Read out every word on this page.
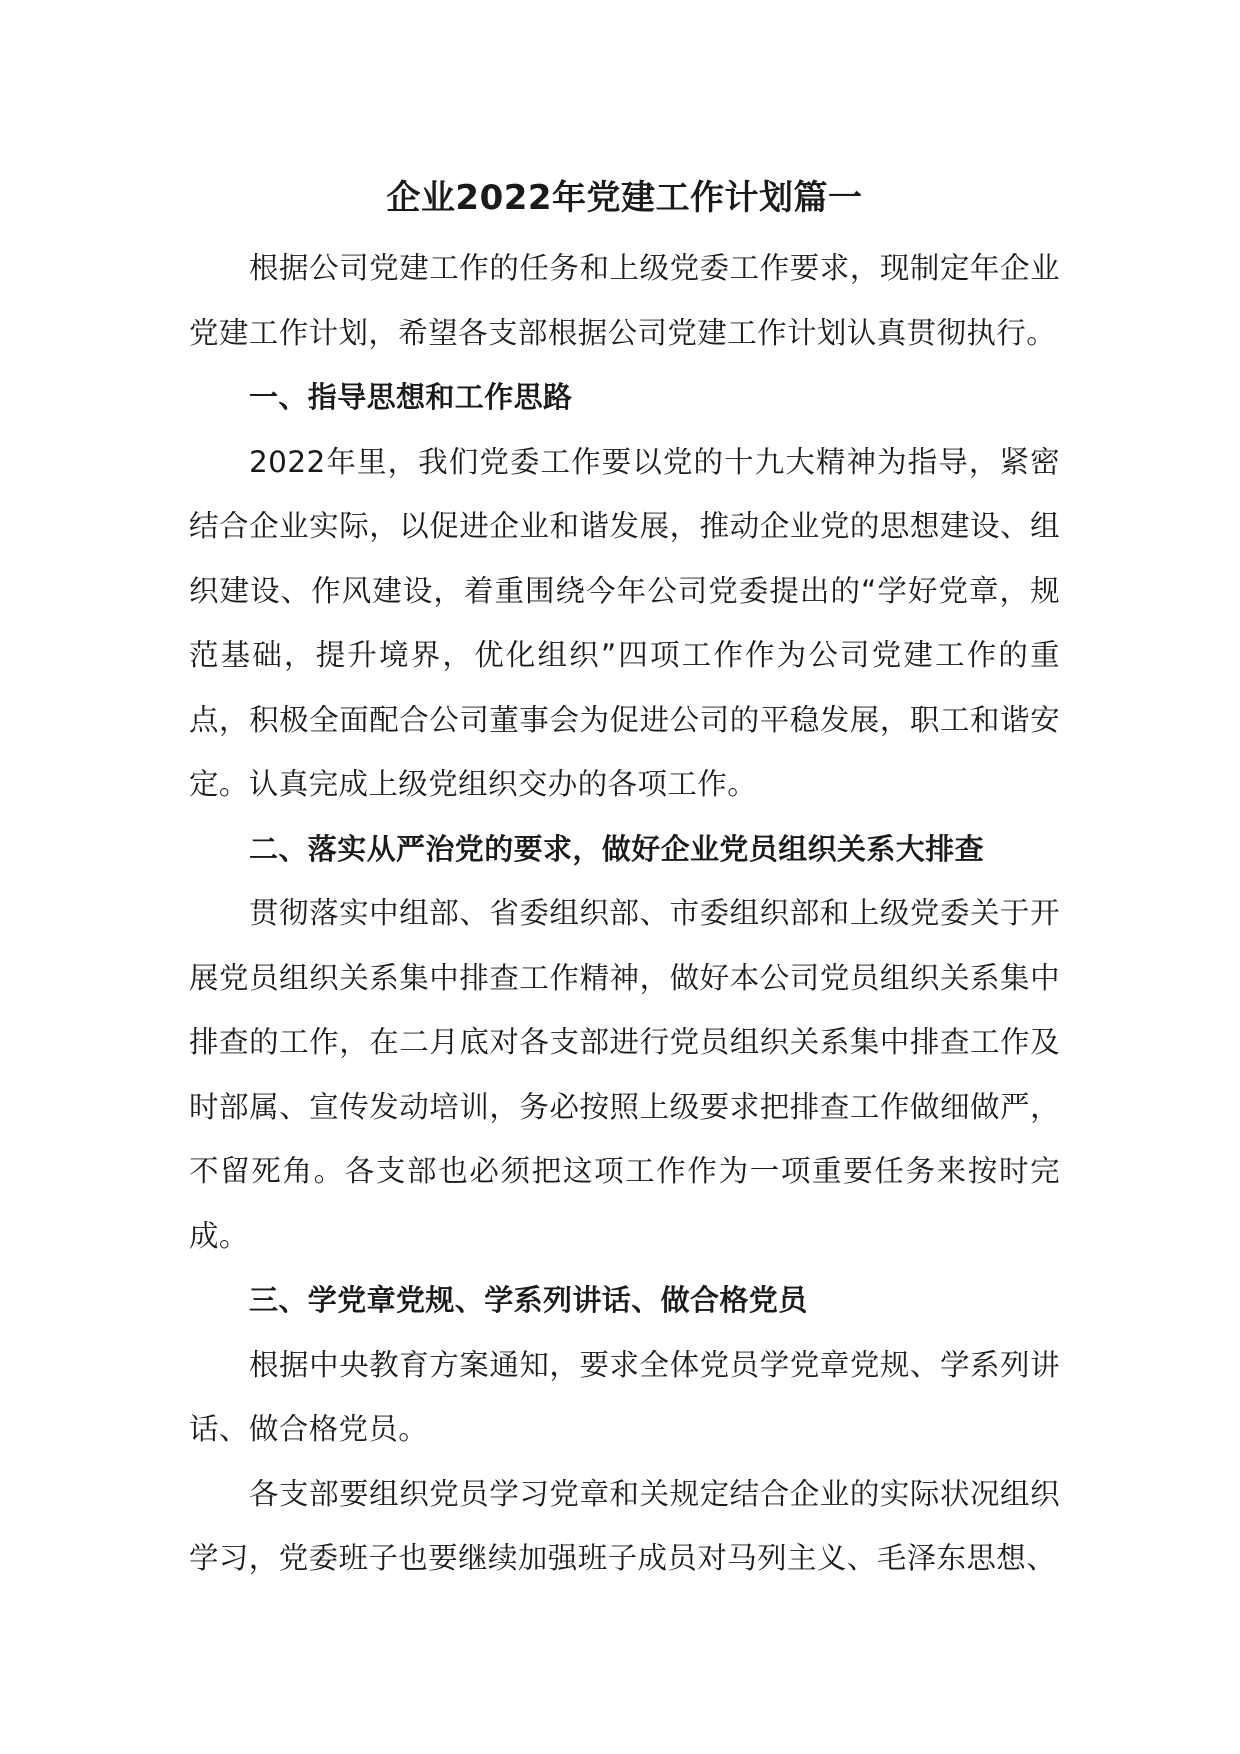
企业2022年党建工作计划篇一

根据公司党建工作的任务和上级党委工作要求，现制定年企业党建工作计划，希望各支部根据公司党建工作计划认真贯彻执行。

一、指导思想和工作思路

2022年里，我们党委工作要以党的十九大精神为指导，紧密结合企业实际，以促进企业和谐发展，推动企业党的思想建设、组织建设、作风建设，着重围绕今年公司党委提出的“学好党章，规范基础，提升境界，优化组织”四项工作作为公司党建工作的重点，积极全面配合公司董事会为促进公司的平稳发展，职工和谐安定。认真完成上级党组织交办的各项工作。

二、落实从严治党的要求，做好企业党员组织关系大排查

贯彻落实中组部、省委组织部、市委组织部和上级党委关于开展党员组织关系集中排查工作精神，做好本公司党员组织关系集中排查的工作，在二月底对各支部进行党员组织关系集中排查工作及时部属、宣传发动培训，务必按照上级要求把排查工作做细做严，不留死角。各支部也必须把这项工作作为一项重要任务来按时完成。

三、学党章党规、学系列讲话、做合格党员

根据中央教育方案通知，要求全体党员学党章党规、学系列讲话、做合格党员。

各支部要组织党员学习党章和关规定结合企业的实际状况组织学习，党委班子也要继续加强班子成员对马列主义、毛泽东思想、
